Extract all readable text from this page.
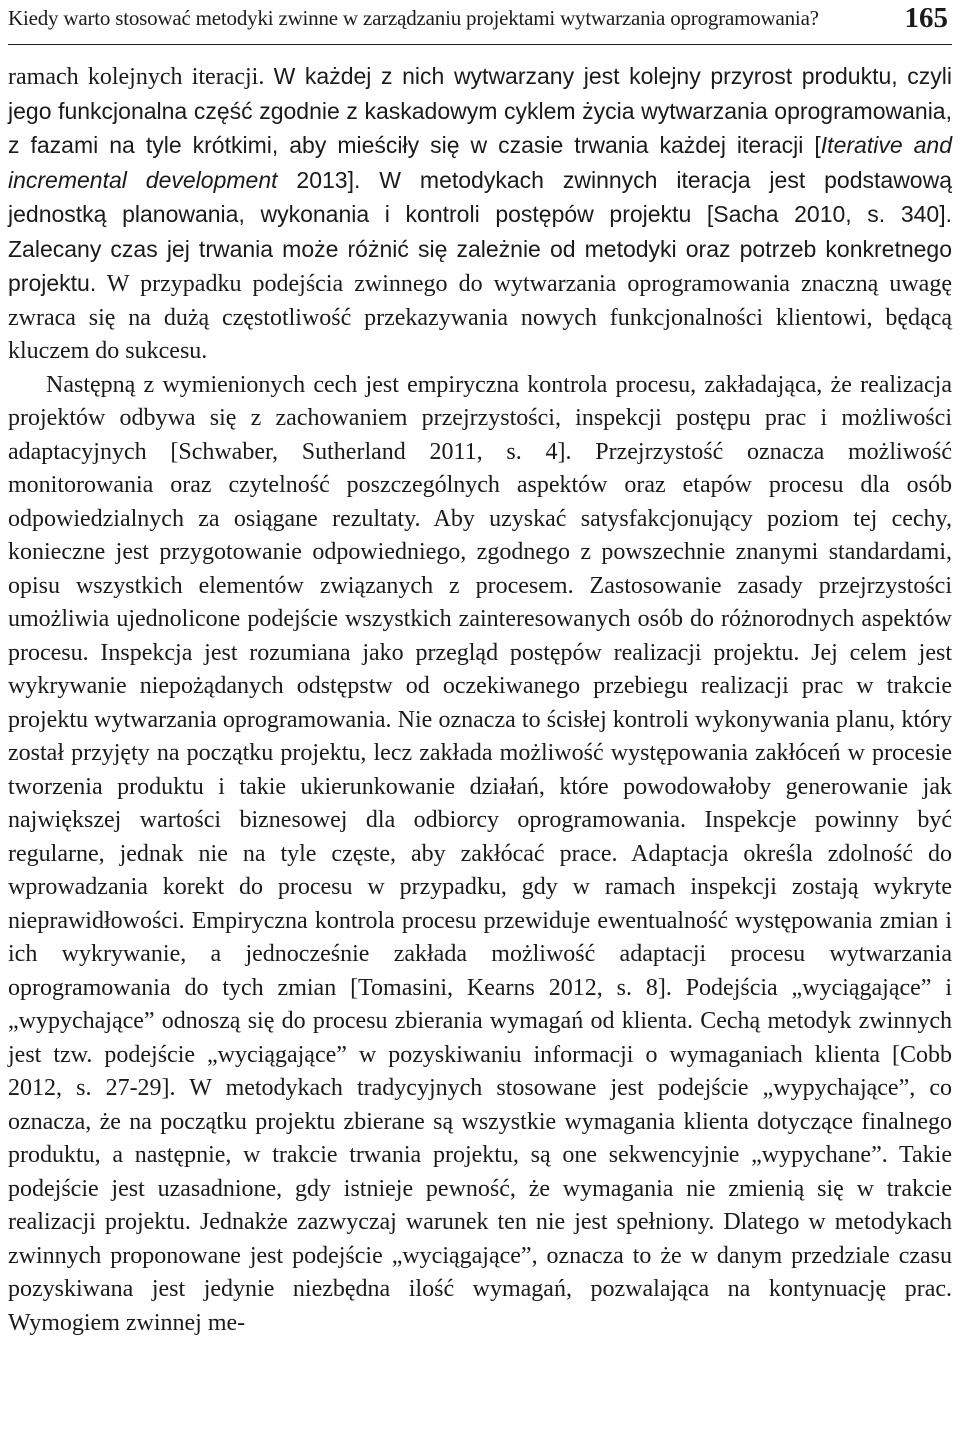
Kiedy warto stosować metodyki zwinne w zarządzaniu projektami wytwarzania oprogramowania?	165

ramach kolejnych iteracji. W każdej z nich wytwarzany jest kolejny przyrost produktu, czyli jego funkcjonalna część zgodnie z kaskadowym cyklem życia wytwarzania oprogramowania, z fazami na tyle krótkimi, aby mieściły się w czasie trwania każdej iteracji [Iterative and incremental development 2013]. W metodykach zwinnych iteracja jest podstawową jednostką planowania, wykonania i kontroli postępów projektu [Sacha 2010, s. 340]. Zalecany czas jej trwania może różnić się zależnie od metodyki oraz potrzeb konkretnego projektu. W przypadku podejścia zwinnego do wytwarzania oprogramowania znaczną uwagę zwraca się na dużą częstotliwość przekazywania nowych funkcjonalności klientowi, będącą kluczem do sukcesu.

Następną z wymienionych cech jest empiryczna kontrola procesu, zakładająca, że realizacja projektów odbywa się z zachowaniem przejrzystości, inspekcji postępu prac i możliwości adaptacyjnych [Schwaber, Sutherland 2011, s. 4]. Przejrzystość oznacza możliwość monitorowania oraz czytelność poszczególnych aspektów oraz etapów procesu dla osób odpowiedzialnych za osiągane rezultaty. Aby uzyskać satysfakcjonujący poziom tej cechy, konieczne jest przygotowanie odpowiedniego, zgodnego z powszechnie znanymi standardami, opisu wszystkich elementów związanych z procesem. Zastosowanie zasady przejrzystości umożliwia ujednolicone podejście wszystkich zainteresowanych osób do różnorodnych aspektów procesu. Inspekcja jest rozumiana jako przegląd postępów realizacji projektu. Jej celem jest wykrywanie niepożądanych odstępstw od oczekiwanego przebiegu realizacji prac w trakcie projektu wytwarzania oprogramowania. Nie oznacza to ścisłej kontroli wykonywania planu, który został przyjęty na początku projektu, lecz zakłada możliwość występowania zakłóceń w procesie tworzenia produktu i takie ukierunkowanie działań, które powodowałoby generowanie jak największej wartości biznesowej dla odbiorcy oprogramowania. Inspekcje powinny być regularne, jednak nie na tyle częste, aby zakłócać prace. Adaptacja określa zdolność do wprowadzania korekt do procesu w przypadku, gdy w ramach inspekcji zostają wykryte nieprawidłowości. Empiryczna kontrola procesu przewiduje ewentualność występowania zmian i ich wykrywanie, a jednocześnie zakłada możliwość adaptacji procesu wytwarzania oprogramowania do tych zmian [Tomasini, Kearns 2012, s. 8]. Podejścia „wyciągające” i „wypychające” odnoszą się do procesu zbierania wymagań od klienta. Cechą metodyk zwinnych jest tzw. podejście „wyciągające” w pozyskiwaniu informacji o wymaganiach klienta [Cobb 2012, s. 27-29]. W metodykach tradycyjnych stosowane jest podejście „wypychające”, co oznacza, że na początku projektu zbierane są wszystkie wymagania klienta dotyczące finalnego produktu, a następnie, w trakcie trwania projektu, są one sekwencyjnie „wypychane”. Takie podejście jest uzasadnione, gdy istnieje pewność, że wymagania nie zmienią się w trakcie realizacji projektu. Jednakże zazwyczaj warunek ten nie jest spełniony. Dlatego w metodykach zwinnych proponowane jest podejście „wyciągające”, oznacza to że w danym przedziale czasu pozyskiwana jest jedynie niezbędna ilość wymagań, pozwalająca na kontynuację prac. Wymogiem zwinnej me-
